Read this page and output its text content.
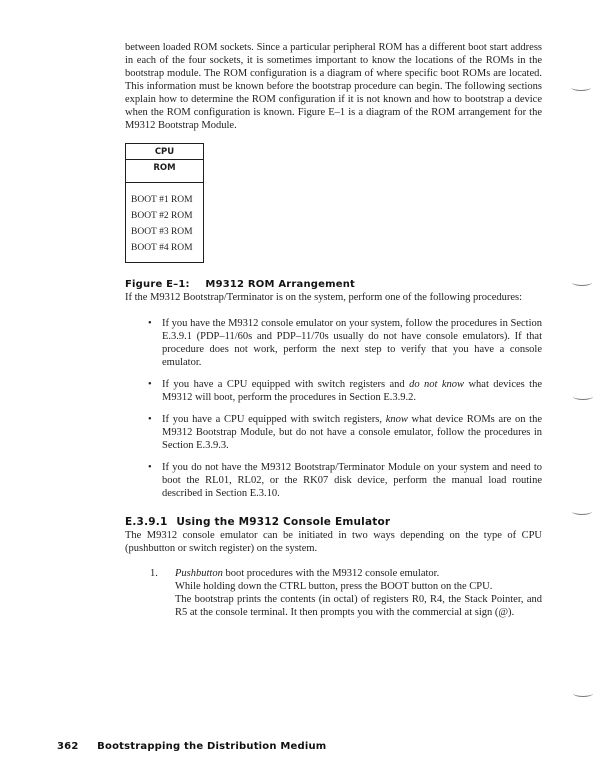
between loaded ROM sockets. Since a particular peripheral ROM has a different boot start address in each of the four sockets, it is sometimes important to know the locations of the ROMs in the bootstrap module. The ROM configuration is a diagram of where specific boot ROMs are located. This information must be known before the bootstrap procedure can begin. The following sections explain how to determine the ROM configuration if it is not known and how to bootstrap a device when the ROM configuration is known. Figure E–1 is a diagram of the ROM arrangement for the M9312 Bootstrap Module.

CPU
ROM
BOOT #1 ROM
BOOT #2 ROM
BOOT #3 ROM
BOOT #4 ROM
Figure E–1: M9312 ROM Arrangement

If the M9312 Bootstrap/Terminator is on the system, perform one of the following procedures:

• If you have the M9312 console emulator on your system, follow the procedures in Section E.3.9.1 (PDP–11/60s and PDP–11/70s usually do not have console emulators). If that procedure does not work, perform the next step to verify that you have a console emulator.
• If you have a CPU equipped with switch registers and do not know what devices the M9312 will boot, perform the procedures in Section E.3.9.2.
• If you have a CPU equipped with switch registers, know what device ROMs are on the M9312 Bootstrap Module, but do not have a console emulator, follow the procedures in Section E.3.9.3.
• If you do not have the M9312 Bootstrap/Terminator Module on your system and need to boot the RL01, RL02, or the RK07 disk device, perform the manual load routine described in Section E.3.10.
E.3.9.1 Using the M9312 Console Emulator

The M9312 console emulator can be initiated in two ways depending on the type of CPU (pushbutton or switch register) on the system.

1. Pushbutton boot procedures with the M9312 console emulator.

While holding down the CTRL button, press the BOOT button on the CPU.

The bootstrap prints the contents (in octal) of registers R0, R4, the Stack Pointer, and R5 at the console terminal. It then prompts you with the commercial at sign (@).

362 Bootstrapping the Distribution Medium
